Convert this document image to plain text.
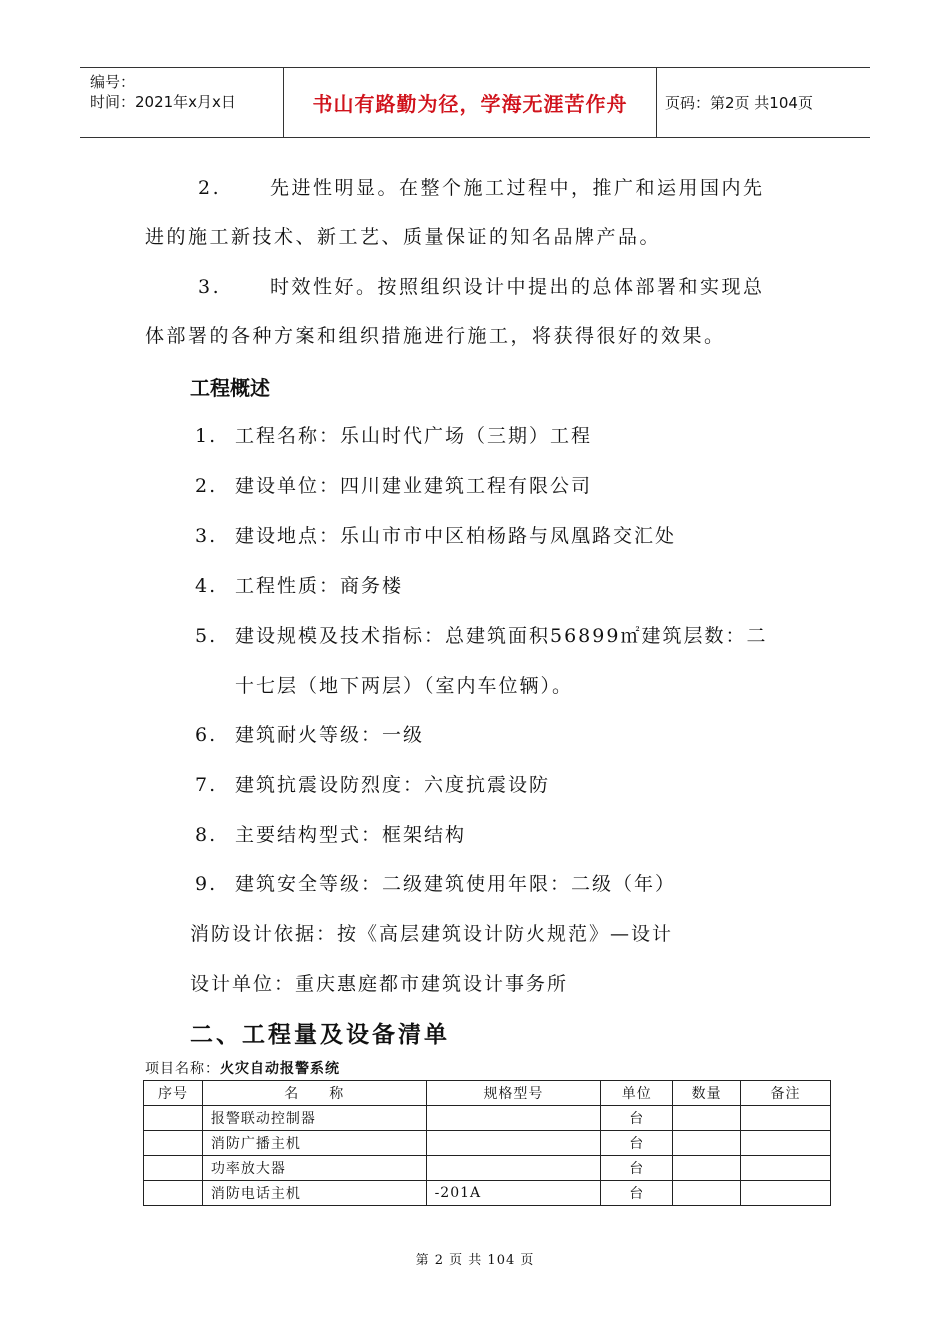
编号：
时间：2021年x月x日	书山有路勤为径，学海无涯苦作舟	页码：第2页 共104页
2.	先进性明显。在整个施工过程中，推广和运用国内先
进的施工新技术、新工艺、质量保证的知名品牌产品。
3.	时效性好。按照组织设计中提出的总体部署和实现总
体部署的各种方案和组织措施进行施工，将获得很好的效果。
工程概述
1. 工程名称：乐山时代广场（三期）工程
2. 建设单位：四川建业建筑工程有限公司
3. 建设地点：乐山市市中区柏杨路与凤凰路交汇处
4. 工程性质：商务楼
5. 建设规模及技术指标：总建筑面积56899㎡建筑层数：二
十七层（地下两层）（室内车位辆）。
6. 建筑耐火等级：一级
7. 建筑抗震设防烈度：六度抗震设防
8. 主要结构型式：框架结构
9. 建筑安全等级：二级建筑使用年限：二级（年）
消防设计依据：按《高层建筑设计防火规范》—设计
设计单位：重庆惠庭都市建筑设计事务所
二、工程量及设备清单
项目名称：火灾自动报警系统
序号	名　　称	规格型号	单位	数量	备注
	报警联动控制器		台		
	消防广播主机		台		
	功率放大器		台		
	消防电话主机	-201A	台		
第 2 页 共 104 页
